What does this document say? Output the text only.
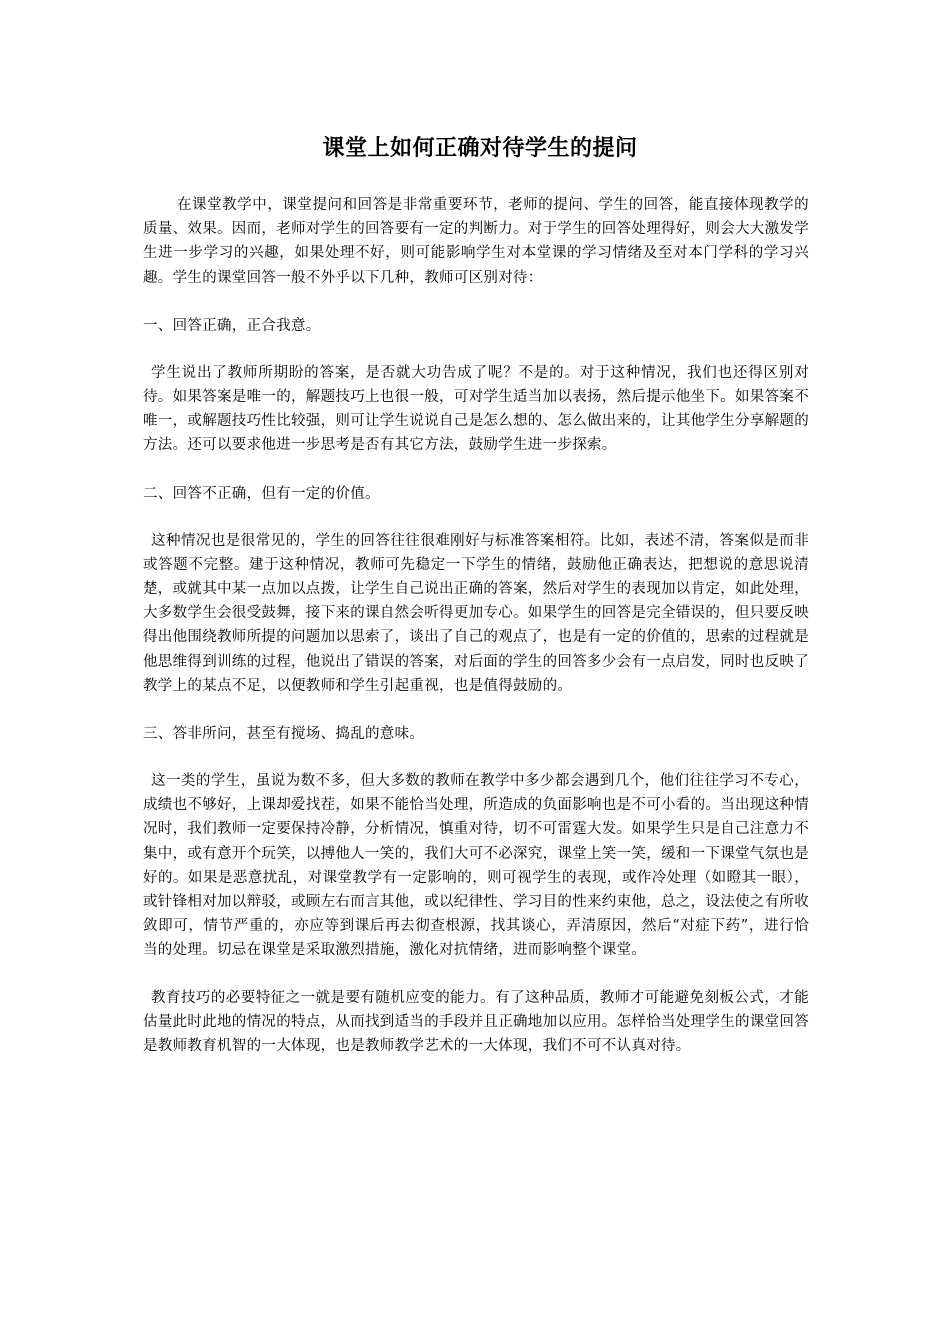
课堂上如何正确对待学生的提问

在课堂教学中，课堂提问和回答是非常重要环节，老师的提问、学生的回答，能直接体现教学的质量、效果。因而，老师对学生的回答要有一定的判断力。对于学生的回答处理得好，则会大大激发学生进一步学习的兴趣，如果处理不好，则可能影响学生对本堂课的学习情绪及至对本门学科的学习兴趣。学生的课堂回答一般不外乎以下几种，教师可区别对待：

一、回答正确，正合我意。

学生说出了教师所期盼的答案，是否就大功告成了呢？不是的。对于这种情况，我们也还得区别对待。如果答案是唯一的，解题技巧上也很一般，可对学生适当加以表扬，然后提示他坐下。如果答案不唯一，或解题技巧性比较强，则可让学生说说自己是怎么想的、怎么做出来的，让其他学生分享解题的方法。还可以要求他进一步思考是否有其它方法，鼓励学生进一步探索。

二、回答不正确，但有一定的价值。

这种情况也是很常见的，学生的回答往往很难刚好与标准答案相符。比如，表述不清，答案似是而非或答题不完整。建于这种情况，教师可先稳定一下学生的情绪，鼓励他正确表达，把想说的意思说清楚，或就其中某一点加以点拨，让学生自己说出正确的答案，然后对学生的表现加以肯定，如此处理，大多数学生会很受鼓舞，接下来的课自然会听得更加专心。如果学生的回答是完全错误的，但只要反映得出他围绕教师所提的问题加以思索了，谈出了自己的观点了，也是有一定的价值的，思索的过程就是他思维得到训练的过程，他说出了错误的答案，对后面的学生的回答多少会有一点启发，同时也反映了教学上的某点不足，以便教师和学生引起重视，也是值得鼓励的。

三、答非所问，甚至有搅场、捣乱的意味。

这一类的学生，虽说为数不多，但大多数的教师在教学中多少都会遇到几个，他们往往学习不专心，成绩也不够好，上课却爱找茬，如果不能恰当处理，所造成的负面影响也是不可小看的。当出现这种情况时，我们教师一定要保持冷静，分析情况，慎重对待，切不可雷霆大发。如果学生只是自己注意力不集中，或有意开个玩笑，以搏他人一笑的，我们大可不必深究，课堂上笑一笑，缓和一下课堂气氛也是好的。如果是恶意扰乱，对课堂教学有一定影响的，则可视学生的表现，或作冷处理（如瞪其一眼），或针锋相对加以辩驳，或顾左右而言其他，或以纪律性、学习目的性来约束他，总之，设法使之有所收敛即可，情节严重的，亦应等到课后再去彻查根源，找其谈心，弄清原因，然后“对症下药”，进行恰当的处理。切忌在课堂是采取激烈措施，激化对抗情绪，进而影响整个课堂。

教育技巧的必要特征之一就是要有随机应变的能力。有了这种品质，教师才可能避免刻板公式，才能估量此时此地的情况的特点，从而找到适当的手段并且正确地加以应用。怎样恰当处理学生的课堂回答是教师教育机智的一大体现，也是教师教学艺术的一大体现，我们不可不认真对待。
